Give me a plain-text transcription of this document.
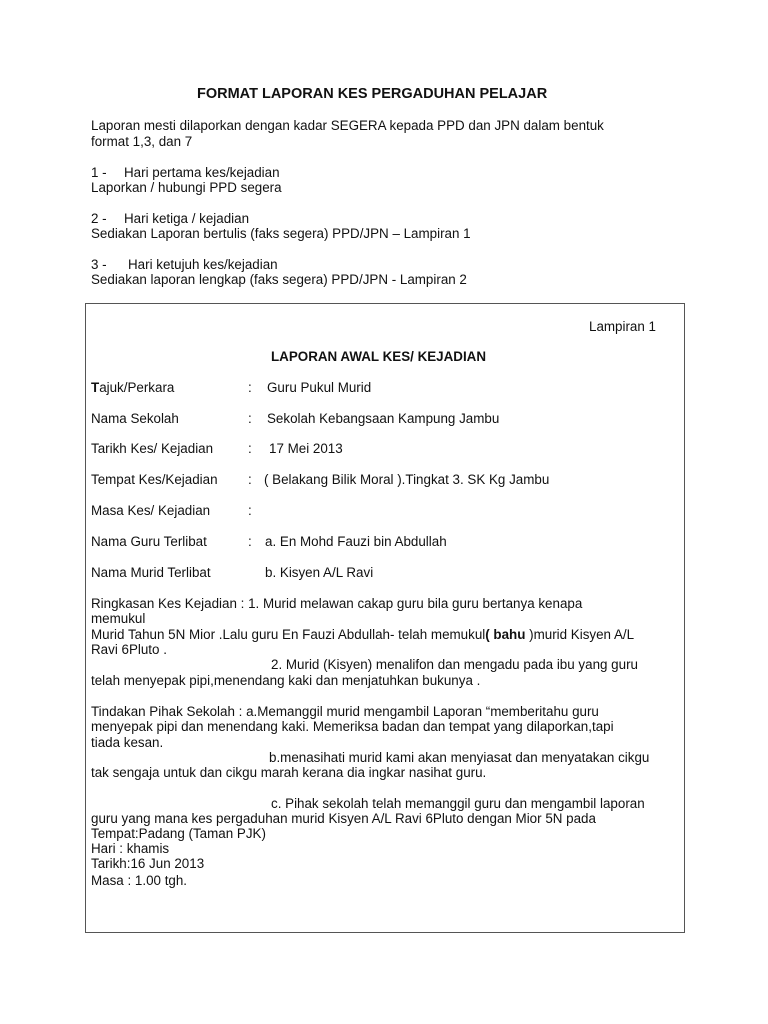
FORMAT LAPORAN KES PERGADUHAN PELAJAR
Laporan mesti dilaporkan dengan kadar SEGERA kepada PPD dan JPN dalam bentuk
format 1,3, dan 7
1 - Hari pertama kes/kejadian
Laporkan / hubungi PPD segera
2 - Hari ketiga / kejadian
Sediakan Laporan bertulis (faks segera) PPD/JPN – Lampiran 1
3 - Hari ketujuh kes/kejadian
Sediakan laporan lengkap (faks segera) PPD/JPN - Lampiran 2
Lampiran 1
LAPORAN AWAL KES/ KEJADIAN
Tajuk/Perkara	: Guru Pukul Murid
Nama Sekolah	: Sekolah Kebangsaan Kampung Jambu
Tarikh Kes/ Kejadian	: 17 Mei 2013
Tempat Kes/Kejadian : ( Belakang Bilik Moral ).Tingkat 3. SK Kg Jambu
Masa Kes/ Kejadian	:
Nama Guru Terlibat	: a. En Mohd Fauzi bin Abdullah
Nama Murid Terlibat	b. Kisyen A/L Ravi
Ringkasan Kes Kejadian : 1. Murid melawan cakap guru bila guru bertanya kenapa
memukul
Murid Tahun 5N Mior .Lalu guru En Fauzi Abdullah- telah memukul( bahu )murid Kisyen A/L
Ravi 6Pluto .
2. Murid (Kisyen) menalifon dan mengadu pada ibu yang guru
telah menyepak pipi,menendang kaki dan menjatuhkan bukunya .
Tindakan Pihak Sekolah : a.Memanggil murid mengambil Laporan “memberitahu guru
menyepak pipi dan menendang kaki. Memeriksa badan dan tempat yang dilaporkan,tapi
tiada kesan.
b.menasihati murid kami akan menyiasat dan menyatakan cikgu
tak sengaja untuk dan cikgu marah kerana dia ingkar nasihat guru.
c. Pihak sekolah telah memanggil guru dan mengambil laporan
guru yang mana kes pergaduhan murid Kisyen A/L Ravi 6Pluto dengan Mior 5N pada
Tempat:Padang (Taman PJK)
Hari : khamis
Tarikh:16 Jun 2013
Masa : 1.00 tgh.
